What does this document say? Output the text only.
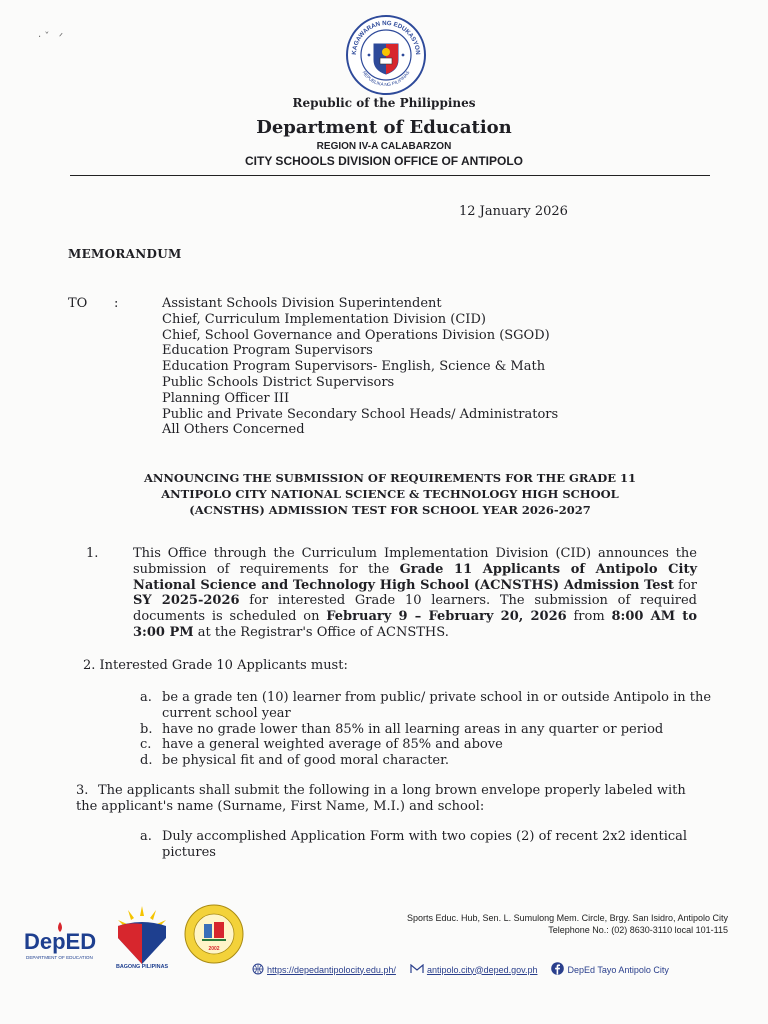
‧ ˇ   ᐟ
KAGAWARAN NG EDUKASYON
REPUBLIKA NG PILIPINAS
Republic of the Philippines
Department of Education
REGION IV-A CALABARZON
CITY SCHOOLS DIVISION OFFICE OF ANTIPOLO
12 January 2026
MEMORANDUM
TO :	Assistant Schools Division Superintendent
Chief, Curriculum Implementation Division (CID)
Chief, School Governance and Operations Division (SGOD)
Education Program Supervisors
Education Program Supervisors- English, Science & Math
Public Schools District Supervisors
Planning Officer III
Public and Private Secondary School Heads/ Administrators
All Others Concerned
ANNOUNCING THE SUBMISSION OF REQUIREMENTS FOR THE GRADE 11
ANTIPOLO CITY NATIONAL SCIENCE & TECHNOLOGY HIGH SCHOOL
(ACNSTHS) ADMISSION TEST FOR SCHOOL YEAR 2026-2027
1.	This Office through the Curriculum Implementation Division (CID) announces the submission of requirements for the Grade 11 Applicants of Antipolo City National Science and Technology High School (ACNSTHS) Admission Test for SY 2025-2026 for interested Grade 10 learners. The submission of required documents is scheduled on February 9 – February 20, 2026 from 8:00 AM to 3:00 PM at the Registrar's Office of ACNSTHS.
2. Interested Grade 10 Applicants must:
a. be a grade ten (10) learner from public/ private school in or outside Antipolo in the current school year
b. have no grade lower than 85% in all learning areas in any quarter or period
c. have a general weighted average of 85% and above
d. be physical fit and of good moral character.
3. The applicants shall submit the following in a long brown envelope properly labeled with the applicant's name (Surname, First Name, M.I.) and school:
a. Duly accomplished Application Form with two copies (2) of recent 2x2 identical pictures
DepED
DEPARTMENT OF EDUCATION
BAGONG PILIPINAS
2002
Sports Educ. Hub, Sen. L. Sumulong Mem. Circle, Brgy. San Isidro, Antipolo City
Telephone No.: (02) 8630-3110 local 101-115
https://depedantipolocity.edu.ph/	antipolo.city@deped.gov.ph	DepEd Tayo Antipolo City
